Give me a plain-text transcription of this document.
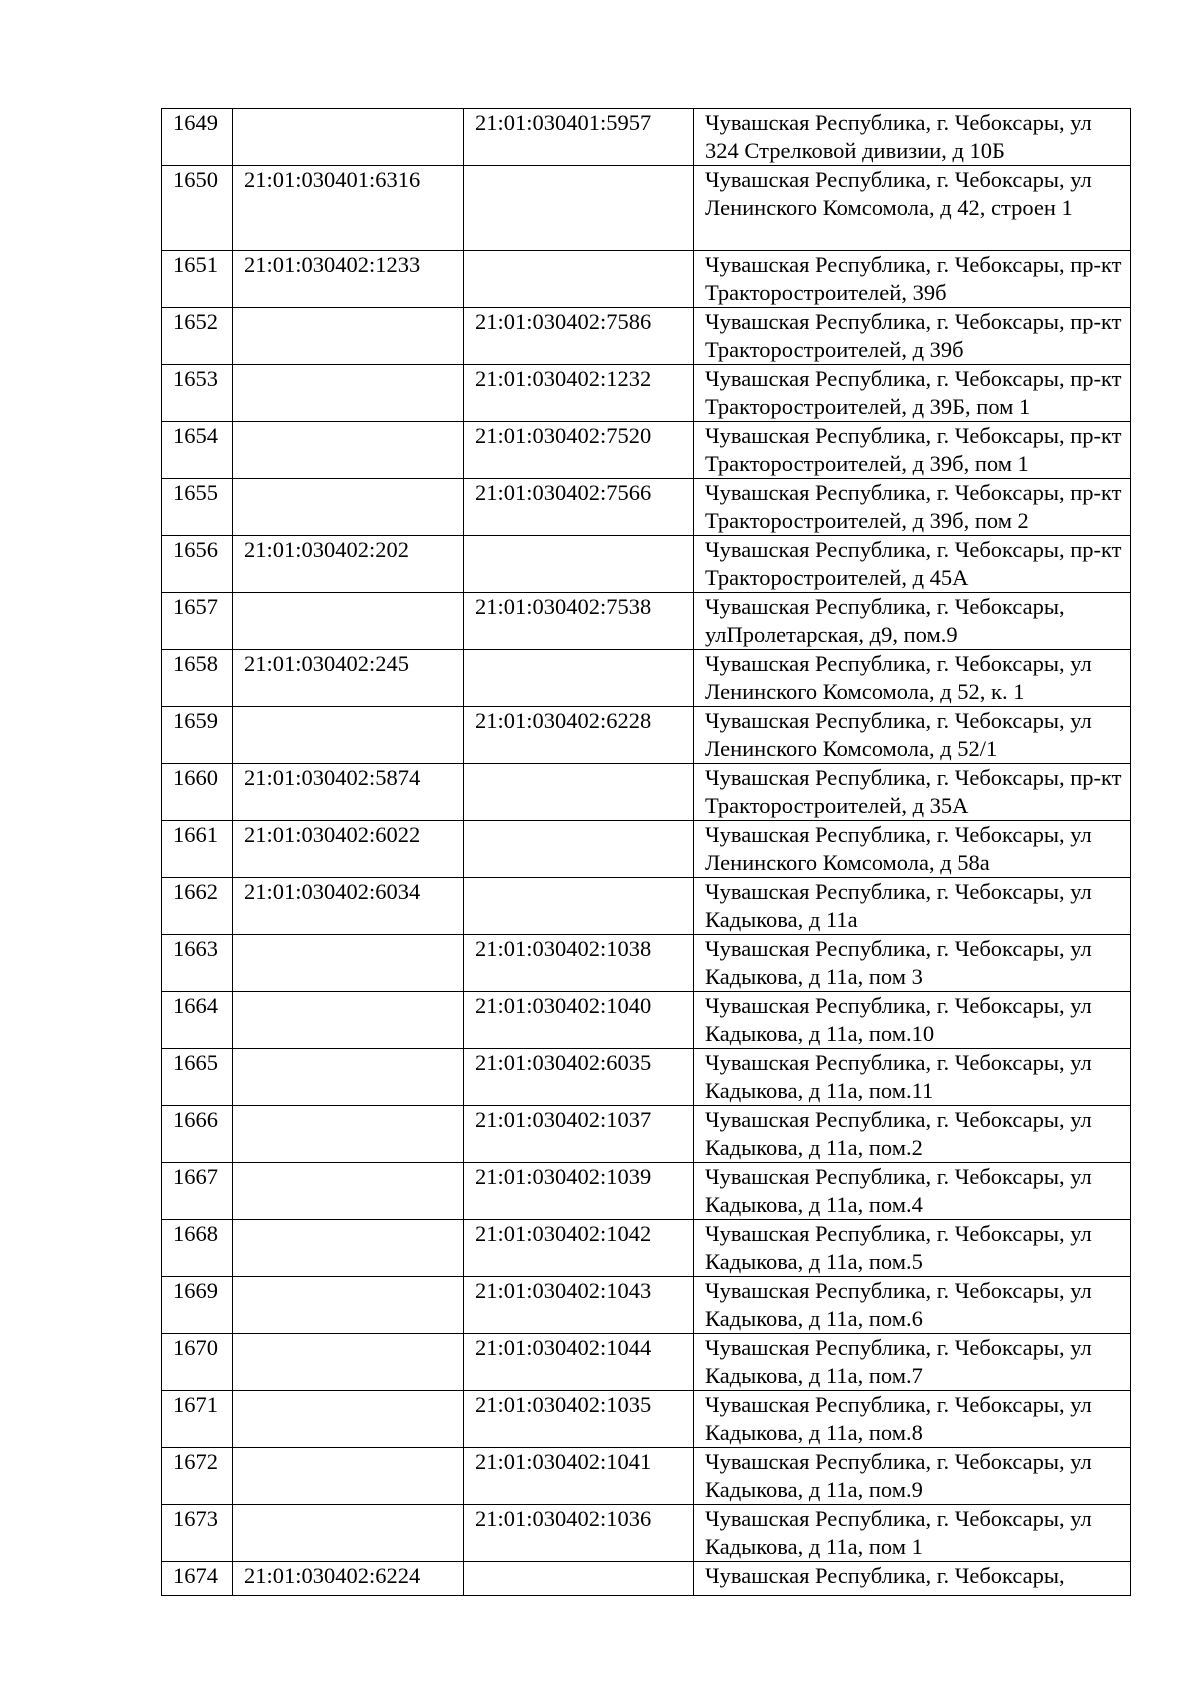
1649		21:01:030401:5957	Чувашская Республика, г. Чебоксары, ул 324 Стрелковой дивизии, д 10Б
1650	21:01:030401:6316		Чувашская Республика, г. Чебоксары, ул Ленинского Комсомола, д 42, строен 1
1651	21:01:030402:1233		Чувашская Республика, г. Чебоксары, пр-кт Тракторостроителей, 39б
1652		21:01:030402:7586	Чувашская Республика, г. Чебоксары, пр-кт Тракторостроителей, д 39б
1653		21:01:030402:1232	Чувашская Республика, г. Чебоксары, пр-кт Тракторостроителей, д 39Б, пом 1
1654		21:01:030402:7520	Чувашская Республика, г. Чебоксары, пр-кт Тракторостроителей, д 39б, пом 1
1655		21:01:030402:7566	Чувашская Республика, г. Чебоксары, пр-кт Тракторостроителей, д 39б, пом 2
1656	21:01:030402:202		Чувашская Республика, г. Чебоксары, пр-кт Тракторостроителей, д 45А
1657		21:01:030402:7538	Чувашская Республика, г. Чебоксары, улПролетарская, д9, пом.9
1658	21:01:030402:245		Чувашская Республика, г. Чебоксары, ул Ленинского Комсомола, д 52, к. 1
1659		21:01:030402:6228	Чувашская Республика, г. Чебоксары, ул Ленинского Комсомола, д 52/1
1660	21:01:030402:5874		Чувашская Республика, г. Чебоксары, пр-кт Тракторостроителей, д 35А
1661	21:01:030402:6022		Чувашская Республика, г. Чебоксары, ул Ленинского Комсомола, д 58а
1662	21:01:030402:6034		Чувашская Республика, г. Чебоксары, ул Кадыкова, д 11а
1663		21:01:030402:1038	Чувашская Республика, г. Чебоксары, ул Кадыкова, д 11а, пом 3
1664		21:01:030402:1040	Чувашская Республика, г. Чебоксары, ул Кадыкова, д 11а, пом.10
1665		21:01:030402:6035	Чувашская Республика, г. Чебоксары, ул Кадыкова, д 11а, пом.11
1666		21:01:030402:1037	Чувашская Республика, г. Чебоксары, ул Кадыкова, д 11а, пом.2
1667		21:01:030402:1039	Чувашская Республика, г. Чебоксары, ул Кадыкова, д 11а, пом.4
1668		21:01:030402:1042	Чувашская Республика, г. Чебоксары, ул Кадыкова, д 11а, пом.5
1669		21:01:030402:1043	Чувашская Республика, г. Чебоксары, ул Кадыкова, д 11а, пом.6
1670		21:01:030402:1044	Чувашская Республика, г. Чебоксары, ул Кадыкова, д 11а, пом.7
1671		21:01:030402:1035	Чувашская Республика, г. Чебоксары, ул Кадыкова, д 11а, пом.8
1672		21:01:030402:1041	Чувашская Республика, г. Чебоксары, ул Кадыкова, д 11а, пом.9
1673		21:01:030402:1036	Чувашская Республика, г. Чебоксары, ул Кадыкова, д 11а, пом 1
1674	21:01:030402:6224		Чувашская Республика, г. Чебоксары,
